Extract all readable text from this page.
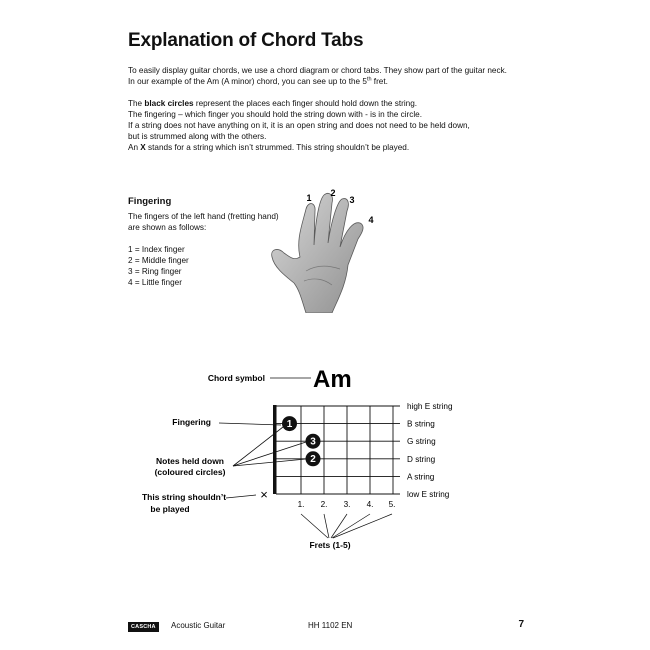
Explanation of Chord Tabs
To easily display guitar chords, we use a chord diagram or chord tabs. They show part of the guitar neck.
In our example of the Am (A minor) chord, you can see up to the 5th fret.
The black circles represent the places each finger should hold down the string.
The fingering – which finger you should hold the string down with - is in the circle.
If a string does not have anything on it, it is an open string and does not need to be held down,
but is strummed along with the others.
An X stands for a string which isn’t strummed. This string shouldn’t be played.
Fingering
The fingers of the left hand (fretting hand)
are shown as follows:
1 = Index finger
2 = Middle finger
3 = Ring finger
4 = Little finger
1 2
3
4
Chord symbol Am
high E string
B string
G string
D string
A string
low E string
1
3
2
Fingering
Notes held down
(coloured circles)
This string shouldn’t
be played
×
1. 2. 3. 4. 5.
Frets (1-5)
CASCHA	Acoustic Guitar	HH 1102 EN	7
